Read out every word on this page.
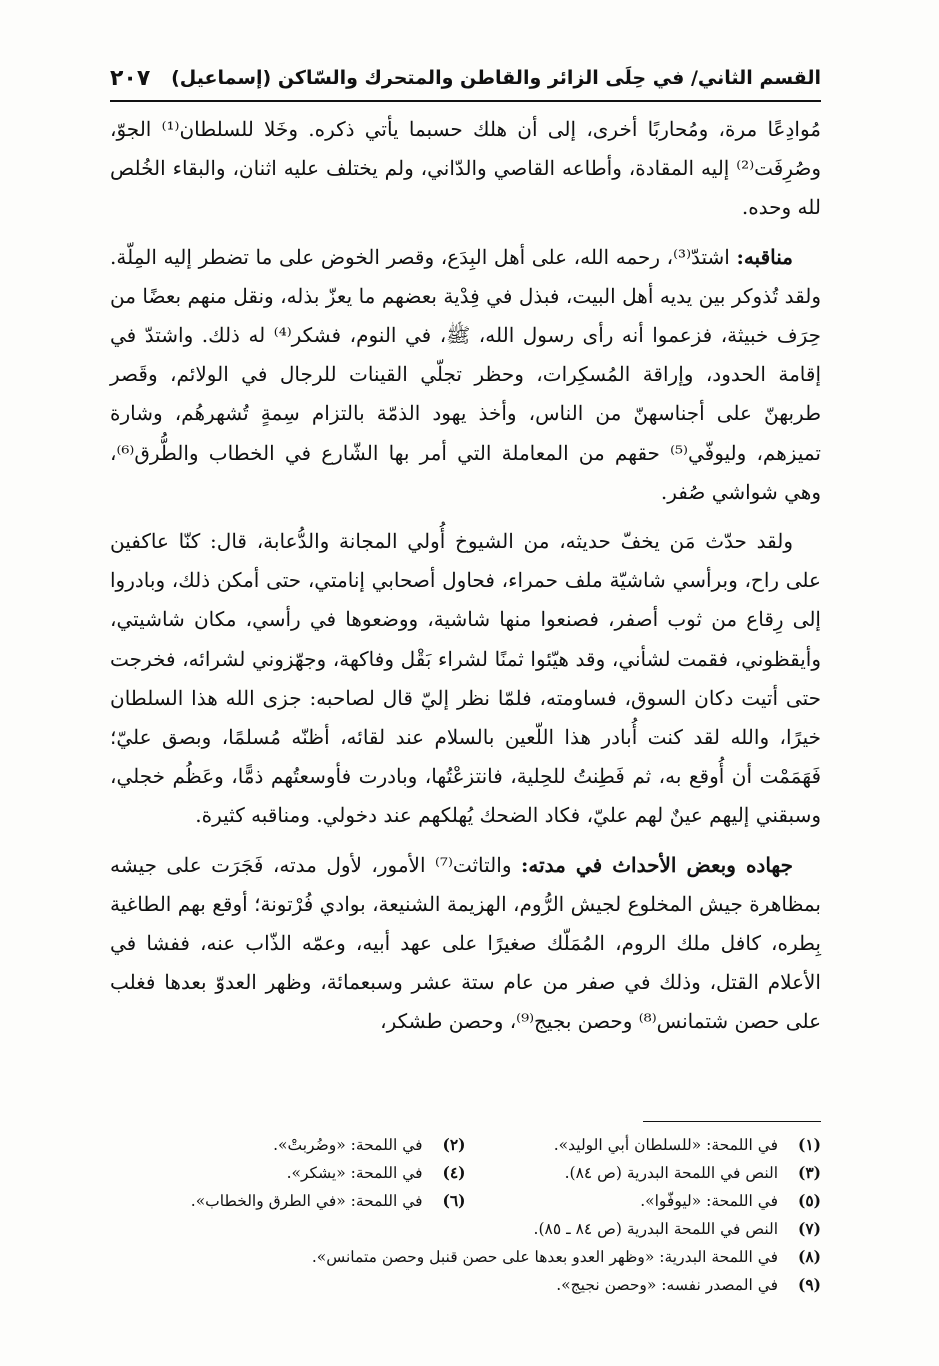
القسم الثاني/ في حِلَى الزائر والقاطن والمتحرك والسّاكن (إسماعيل)
٢٠٧

مُوادِعًا مرة، ومُحاربًا أخرى، إلى أن هلك حسبما يأتي ذكره. وخَلا للسلطان⁽¹⁾ الجوّ، وصُرِفَت⁽²⁾ إليه المقادة، وأطاعه القاصي والدّاني، ولم يختلف عليه اثنان، والبقاء الخُلص لله وحده.

مناقبه: اشتدّ⁽³⁾، رحمه الله، على أهل البِدَع، وقصر الخوض على ما تضطر إليه المِلّة. ولقد تُذوكر بين يديه أهل البيت، فبذل في فِدْية بعضهم ما يعزّ بذله، ونقل منهم بعضًا من حِرَف خبيثة، فزعموا أنه رأى رسول الله، ﷺ، في النوم، فشكر⁽⁴⁾ له ذلك. واشتدّ في إقامة الحدود، وإراقة المُسكِرات، وحظر تجلّي القينات للرجال في الولائم، وقَصر طربهنّ على أجناسهنّ من الناس، وأخذ يهود الذمّة بالتزام سِمةٍ تُشهرهُم، وشارة تميزهم، وليوفّي⁽⁵⁾ حقهم من المعاملة التي أمر بها الشّارع في الخطاب والطُّرق⁽⁶⁾، وهي شواشي صُفر.

ولقد حدّث مَن يخفّ حديثه، من الشيوخ أُولي المجانة والدُّعابة، قال: كنّا عاكفين على راح، وبرأسي شاشيّة ملف حمراء، فحاول أصحابي إنامتي، حتى أمكن ذلك، وبادروا إلى رِقاع من ثوب أصفر، فصنعوا منها شاشية، ووضعوها في رأسي، مكان شاشيتي، وأيقظوني، فقمت لشأني، وقد هيّئوا ثمنًا لشراء بَقْل وفاكهة، وجهّزوني لشرائه، فخرجت حتى أتيت دكان السوق، فساومته، فلمّا نظر إليّ قال لصاحبه: جزى الله هذا السلطان خيرًا، والله لقد كنت أُبادر هذا اللّعين بالسلام عند لقائه، أظنّه مُسلمًا، وبصق عليّ؛ فَهَمَمْت أن أُوقع به، ثم فَطِنتُ للحِلية، فانتزعْتُها، وبادرت فأوسعتُهم ذمًّا، وعَظُم خجلي، وسبقني إليهم عينٌ لهم عليّ، فكاد الضحك يُهلكهم عند دخولي. ومناقبه كثيرة.

جهاده وبعض الأحداث في مدته: والتاثت⁽⁷⁾ الأمور، لأول مدته، فَجَرَت على جيشه بمظاهرة جيش المخلوع لجيش الرُّوم، الهزيمة الشنيعة، بوادي فُرْتونة؛ أوقع بهم الطاغية بِطره، كافل ملك الروم، المُمَلّك صغيرًا على عهد أبيه، وعمّه الذّاب عنه، ففشا في الأعلام القتل، وذلك في صفر من عام ستة عشر وسبعمائة، وظهر العدوّ بعدها فغلب على حصن شتمانس⁽⁸⁾ وحصن بجيج⁽⁹⁾، وحصن طشكر،

(١) في اللمحة: «للسلطان أبي الوليد».
(٢) في اللمحة: «وضُربتْ».
(٣) النص في اللمحة البدرية (ص ٨٤).
(٤) في اللمحة: «يشكر».
(٥) في اللمحة: «ليوفّوا».
(٦) في اللمحة: «في الطرق والخطاب».
(٧) النص في اللمحة البدرية (ص ٨٤ ـ ٨٥).
(٨) في اللمحة البدرية: «وظهر العدو بعدها على حصن قنبل وحصن متمانس».
(٩) في المصدر نفسه: «وحصن نجيج».
